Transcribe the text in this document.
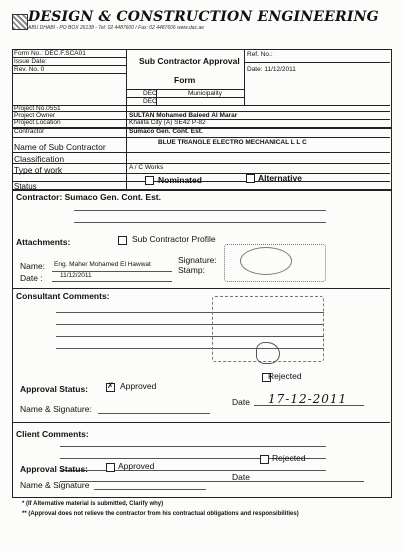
DESIGN & CONSTRUCTION ENGINEERING
ABU DHABI - PO BOX 26138 - Tel: 02 4487600 / Fax: 02 4487606 www.dac.ae
Form No.: DEC.F.SCA01
Issue Date:
Rev. No. 0
Sub Contractor Approval
Form
Ref. No.:
Date: 11/12/2011
DEC	Municipality
DEC
Project No.0551
Project Owner	SULTAN Mohamed Baleed Al Marar
Project Location	Khalifa City (A) SE42 P-82
Contractor	Sumaco Gen. Cont. Est.
Name of Sub Contractor	BLUE TRIANGLE ELECTRO MECHANICAL L L C
Classification
Type of work	A / C Works
Status
Nominated	Alternative
Contractor: Sumaco Gen. Cont. Est.
Attachments:	Sub Contractor Profile
Name: Eng. Maher Mohamed El Hawwat
Date :	11/12/2011
Signature:
Stamp:
Consultant Comments:
Approval Status: ✗ Approved
Rejected
Name & Signature:
Date 17-12-2011
Client Comments:
Approval Status:	Approved
Rejected
Name & Signature
Date
* (If Alternative material is submitted, Clarify why)
** (Approval does not relieve the contractor from his contractual obligations and responsibilities)
